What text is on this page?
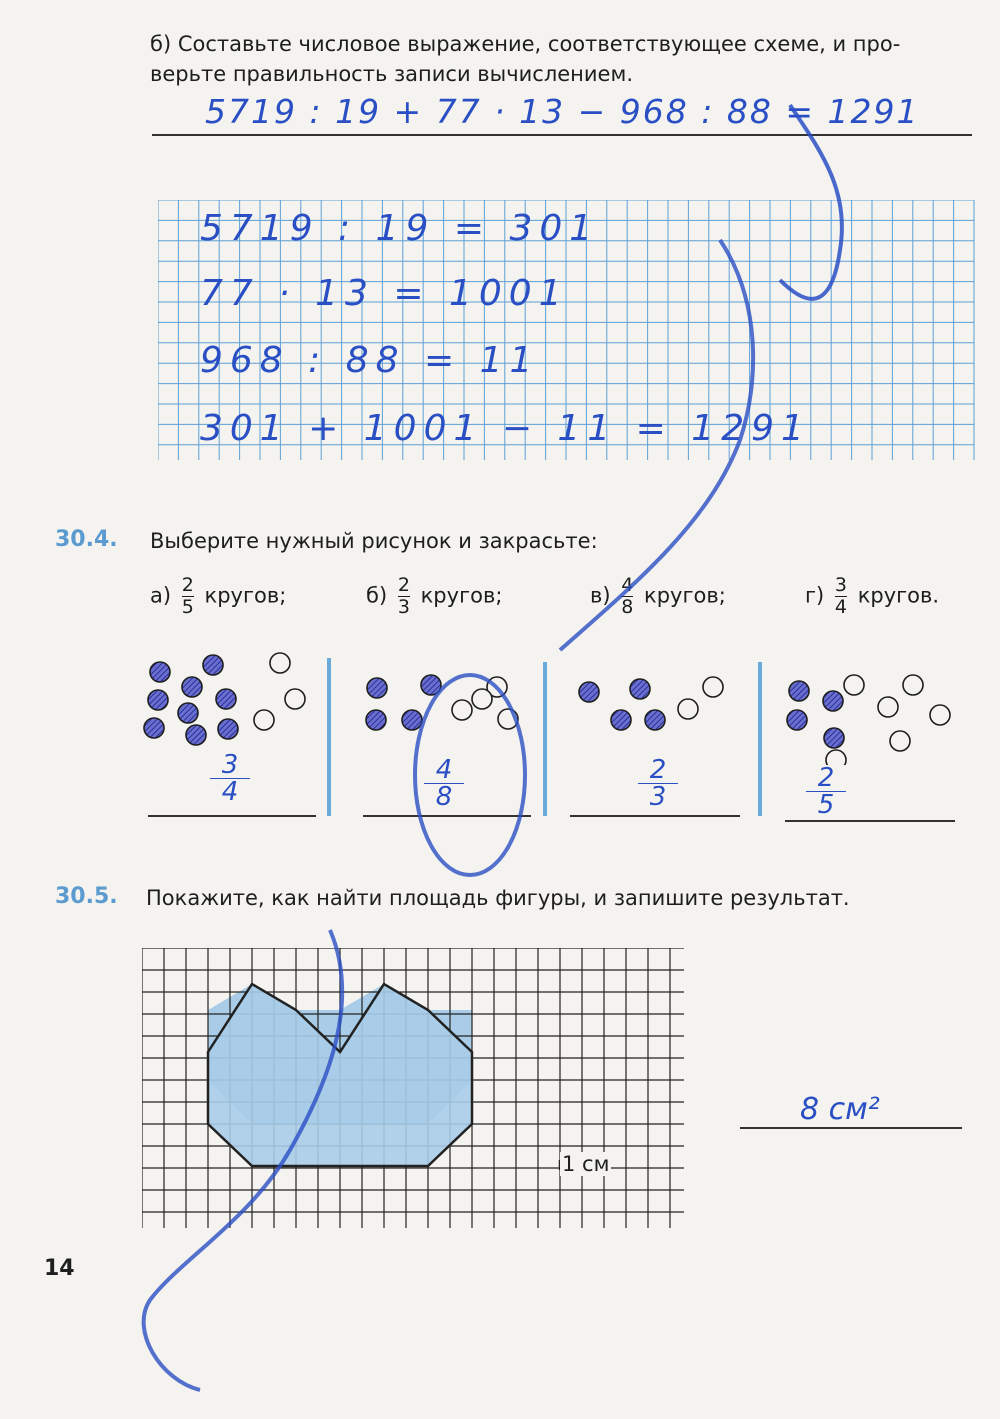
б) Составьте числовое выражение, соответствующее схеме, и про-
верьте правильность записи вычислением.
5719 : 19 + 77 · 13 − 968 : 88 = 1291
5719 : 19 = 301
77 · 13 = 1001
968 : 88 = 11
301 + 1001 − 11 = 1291
30.4. Выберите нужный рисунок и закрасьте:
$а) \frac{2}{5}$ кругов;	$б) \frac{2}{3}$ кругов;	$в) \frac{4}{8}$ кругов;	$г) \frac{3}{4}$ кругов.
3
4
4
8
2
3
2
5
30.5. Покажите, как найти площадь фигуры, и запишите результат.
1 см
8 см²
14
